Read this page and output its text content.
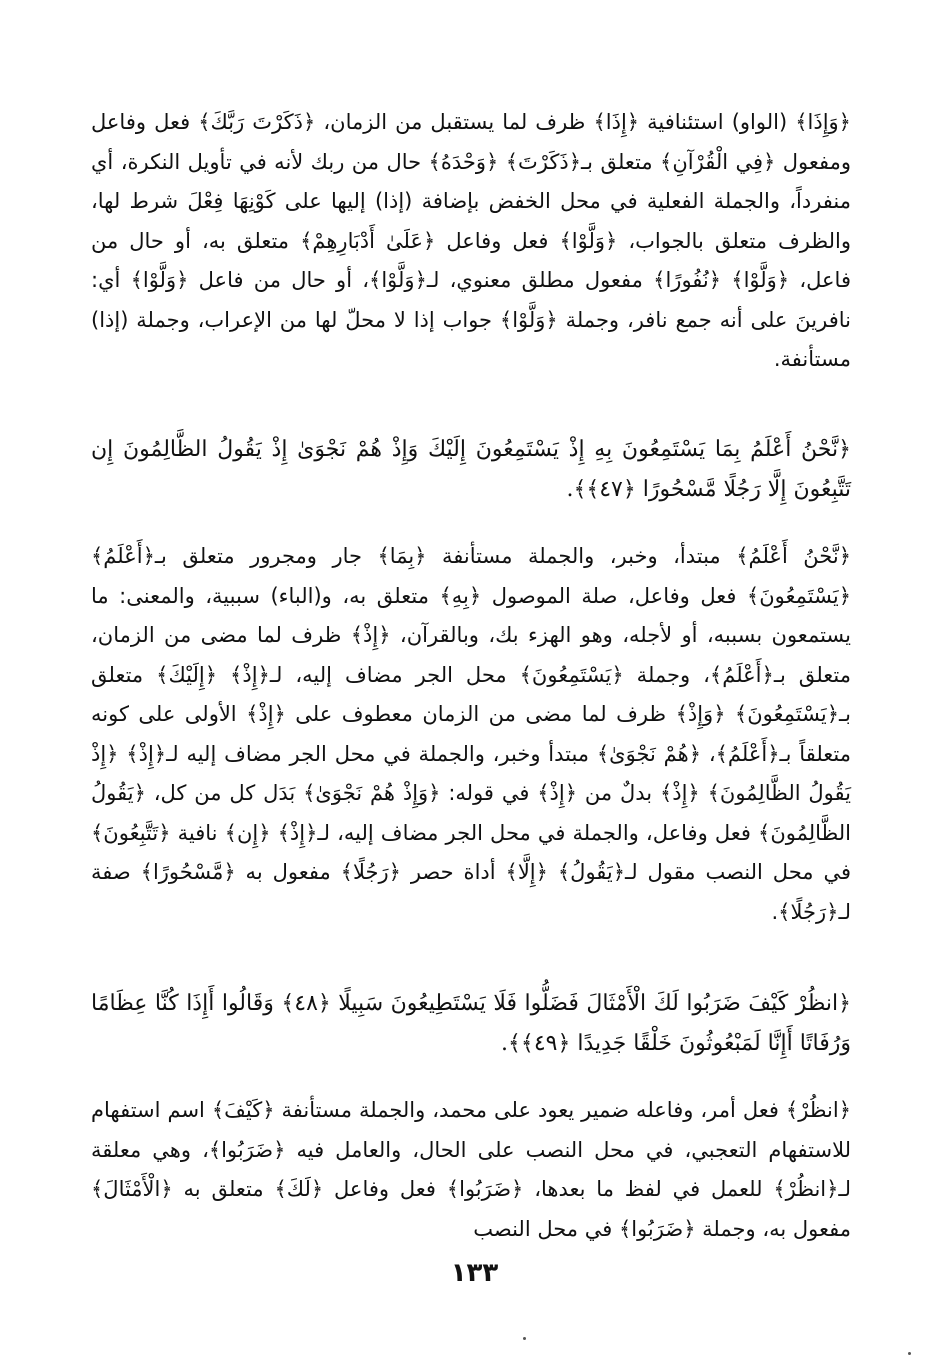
﴿وَإِذَا﴾ (الواو) استئنافية ﴿إِذَا﴾ ظرف لما يستقبل من الزمان، ﴿ذَكَرْتَ رَبَّكَ﴾ فعل وفاعل ومفعول ﴿فِي الْقُرْآنِ﴾ متعلق بـ﴿ذَكَرْتَ﴾ ﴿وَحْدَهُ﴾ حال من ربك لأنه في تأويل النكرة، أي منفرداً، والجملة الفعلية في محل الخفض بإضافة (إذا) إليها على كَوْنِهَا فِعْلَ شرط لها، والظرف متعلق بالجواب، ﴿وَلَّوْا﴾ فعل وفاعل ﴿عَلَىٰ أَدْبَارِهِمْ﴾ متعلق به، أو حال من فاعل، ﴿وَلَّوْا﴾ ﴿نُفُورًا﴾ مفعول مطلق معنوي، لـ﴿وَلَّوْا﴾، أو حال من فاعل ﴿وَلَّوْا﴾ أي: نافرينَ على أنه جمع نافر، وجملة ﴿وَلَّوْا﴾ جواب إذا لا محلّ لها من الإعراب، وجملة (إذا) مستأنفة.

﴿نَّحْنُ أَعْلَمُ بِمَا يَسْتَمِعُونَ بِهِ إِذْ يَسْتَمِعُونَ إِلَيْكَ وَإِذْ هُمْ نَجْوَىٰ إِذْ يَقُولُ الظَّالِمُونَ إِن تَتَّبِعُونَ إِلَّا رَجُلًا مَّسْحُورًا ﴿٤٧﴾﴾.

﴿نَّحْنُ أَعْلَمُ﴾ مبتدأ، وخبر، والجملة مستأنفة ﴿بِمَا﴾ جار ومجرور متعلق بـ﴿أَعْلَمُ﴾ ﴿يَسْتَمِعُونَ﴾ فعل وفاعل، صلة الموصول ﴿بِهِ﴾ متعلق به، و(الباء) سببية، والمعنى: ما يستمعون بسببه، أو لأجله، وهو الهزء بك، وبالقرآن، ﴿إِذْ﴾ ظرف لما مضى من الزمان، متعلق بـ﴿أَعْلَمُ﴾، وجملة ﴿يَسْتَمِعُونَ﴾ محل الجر مضاف إليه، لـ﴿إِذْ﴾ ﴿إِلَيْكَ﴾ متعلق بـ﴿يَسْتَمِعُونَ﴾ ﴿وَإِذْ﴾ ظرف لما مضى من الزمان معطوف على ﴿إِذْ﴾ الأولى على كونه متعلقاً بـ﴿أَعْلَمُ﴾، ﴿هُمْ نَجْوَىٰ﴾ مبتدأ وخبر، والجملة في محل الجر مضاف إليه لـ﴿إِذْ﴾ ﴿إِذْ يَقُولُ الظَّالِمُونَ﴾ ﴿إِذْ﴾ بدلٌ من ﴿إِذْ﴾ في قوله: ﴿وَإِذْ هُمْ نَجْوَىٰ﴾ بَدَل كل من كل، ﴿يَقُولُ الظَّالِمُونَ﴾ فعل وفاعل، والجملة في محل الجر مضاف إليه، لـ﴿إِذْ﴾ ﴿إِن﴾ نافية ﴿تَتَّبِعُونَ﴾ في محل النصب مقول لـ﴿يَقُولُ﴾ ﴿إِلَّا﴾ أداة حصر ﴿رَجُلًا﴾ مفعول به ﴿مَّسْحُورًا﴾ صفة لـ﴿رَجُلًا﴾.

﴿انظُرْ كَيْفَ ضَرَبُوا لَكَ الْأَمْثَالَ فَضَلُّوا فَلَا يَسْتَطِيعُونَ سَبِيلًا ﴿٤٨﴾ وَقَالُوا أَإِذَا كُنَّا عِظَامًا وَرُفَاتًا أَإِنَّا لَمَبْعُوثُونَ خَلْقًا جَدِيدًا ﴿٤٩﴾﴾.

﴿انظُرْ﴾ فعل أمر، وفاعله ضمير يعود على محمد، والجملة مستأنفة ﴿كَيْفَ﴾ اسم استفهام للاستفهام التعجبي، في محل النصب على الحال، والعامل فيه ﴿ضَرَبُوا﴾، وهي معلقة لـ﴿انظُرْ﴾ للعمل في لفظ ما بعدها، ﴿ضَرَبُوا﴾ فعل وفاعل ﴿لَكَ﴾ متعلق به ﴿الْأَمْثَالَ﴾ مفعول به، وجملة ﴿ضَرَبُوا﴾ في محل النصب

١٣٣
